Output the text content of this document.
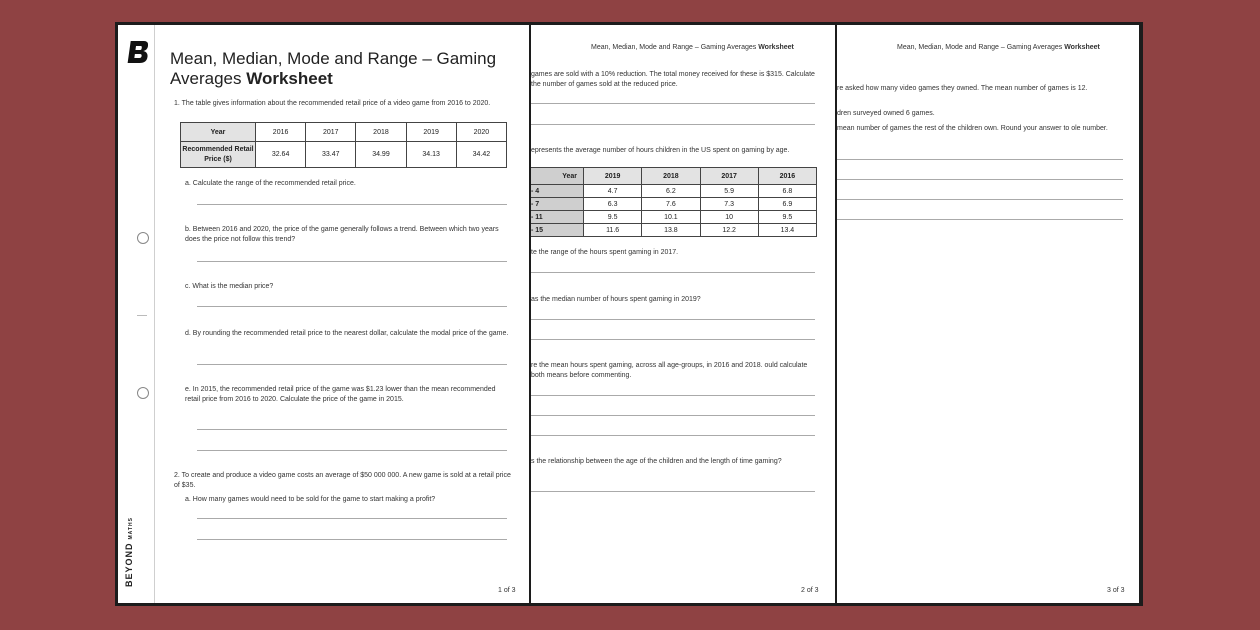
BEYONDMATHS
Mean, Median, Mode and Range – Gaming
Averages Worksheet
1. The table gives information about the recommended retail price of a video game from 2016 to 2020.
Year	2016	2017	2018	2019	2020
Recommended Retail Price ($)	32.64	33.47	34.99	34.13	34.42
a. Calculate the range of the recommended retail price.
b. Between 2016 and 2020, the price of the game generally follows a trend. Between which two years does the price not follow this trend?
c. What is the median price?
d. By rounding the recommended retail price to the nearest dollar, calculate the modal price of the game.
e. In 2015, the recommended retail price of the game was $1.23 lower than the mean recommended retail price from 2016 to 2020. Calculate the price of the game in 2015.
2. To create and produce a video game costs an average of $50 000 000. A new game is sold at a retail price of $35.
a. How many games would need to be sold for the game to start making a profit?
1 of 3
Mean, Median, Mode and Range – Gaming Averages Worksheet
games are sold with a 10% reduction. The total money received for these is $315. Calculate the number of games sold at the reduced price.
epresents the average number of hours children in the US spent on gaming by age.
Year	2019	2018	2017	2016
- 4	4.7	6.2	5.9	6.8
- 7	6.3	7.6	7.3	6.9
- 11	9.5	10.1	10	9.5
- 15	11.6	13.8	12.2	13.4
te the range of the hours spent gaming in 2017.
as the median number of hours spent gaming in 2019?
re the mean hours spent gaming, across all age-groups, in 2016 and 2018. ould calculate both means before commenting.
s the relationship between the age of the children and the length of time gaming?
2 of 3
Mean, Median, Mode and Range – Gaming Averages Worksheet
re asked how many video games they owned. The mean number of games is 12.
dren surveyed owned 6 games.
mean number of games the rest of the children own. Round your answer to ole number.
3 of 3
